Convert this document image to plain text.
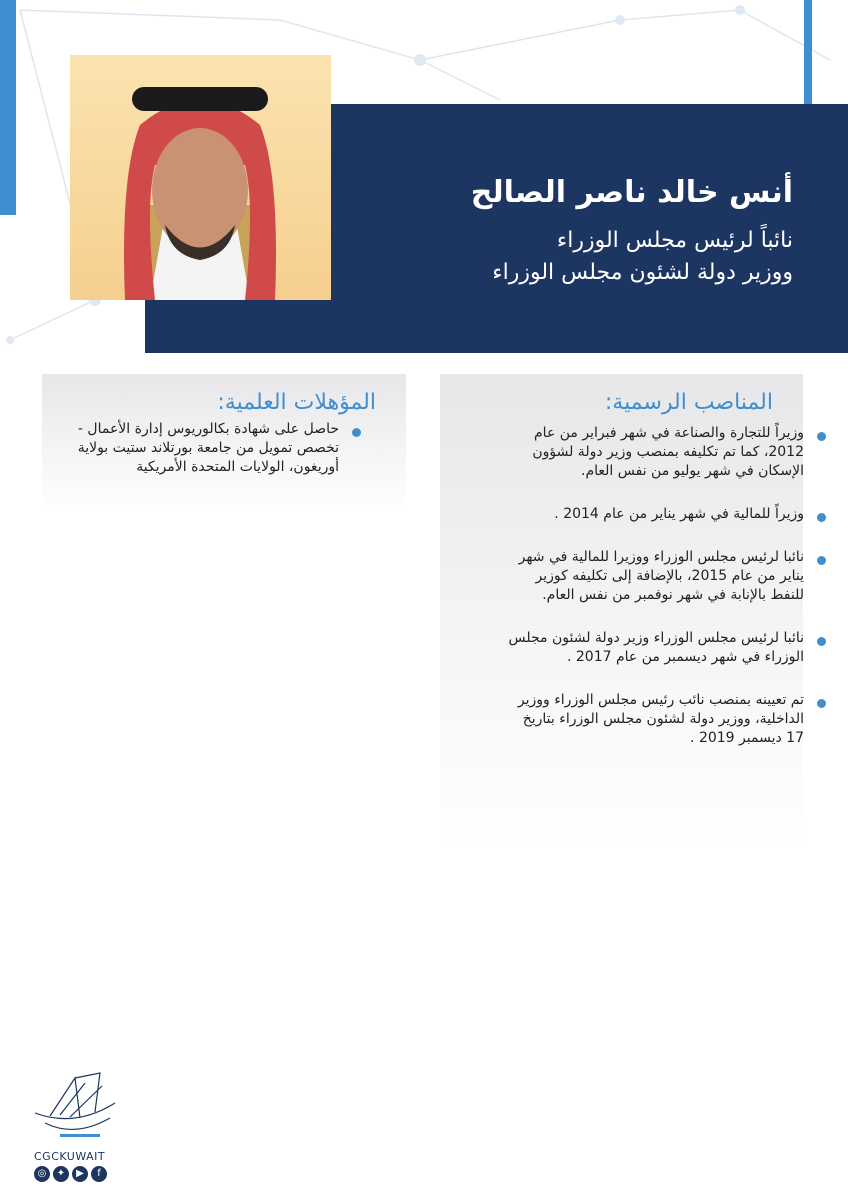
أنس خالد ناصر الصالح
نائباً لرئيس مجلس الوزراء
ووزير دولة لشئون مجلس الوزراء
المناصب الرسمية:
وزيراً للتجارة والصناعة في شهر فبراير من عام 2012، كما تم تكليفه بمنصب وزير دولة لشؤون الإسكان في شهر يوليو من نفس العام.
وزيراً للمالية في شهر يناير من عام 2014 .
نائبا لرئيس مجلس الوزراء ووزيرا للمالية في شهر يناير من عام 2015، بالإضافة إلى تكليفه كوزير للنفط بالإنابة في شهر نوفمبر من نفس العام.
نائبا لرئيس مجلس الوزراء وزير دولة لشئون مجلس الوزراء في شهر ديسمبر من عام 2017 .
تم تعيينه بمنصب نائب رئيس مجلس الوزراء ووزير الداخلية، ووزير دولة لشئون مجلس الوزراء بتاريخ 17 ديسمبر 2019 .
المؤهلات العلمية:
حاصل على شهادة بكالوريوس إدارة الأعمال - تخصص تمويل من جامعة بورتلاند ستيت بولاية أوريغون، الولايات المتحدة الأمريكية
CGCKUWAIT
◎	✦	▶	f
